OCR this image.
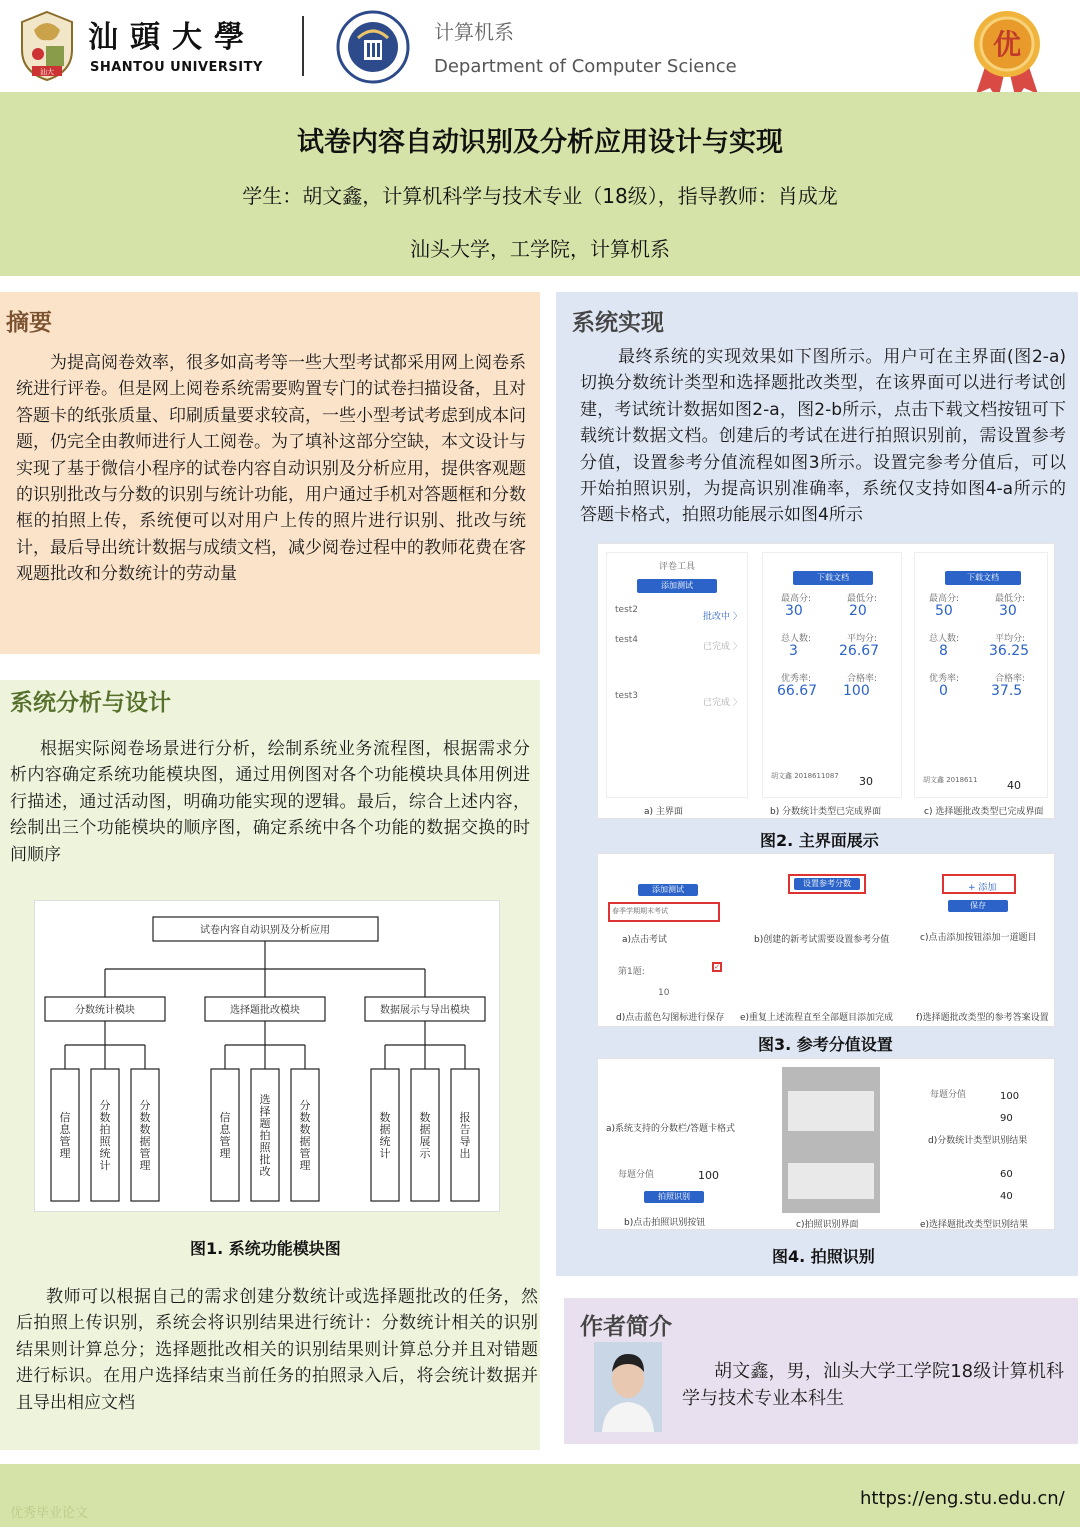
汕大
汕頭大學
SHANTOU UNIVERSITY
计算机系
Department of Computer Science
优
试卷内容自动识别及分析应用设计与实现
学生：胡文鑫，计算机科学与技术专业（18级），指导教师：肖成龙
汕头大学，工学院，计算机系
摘要
为提高阅卷效率，很多如高考等一些大型考试都采用网上阅卷系统进行评卷。但是网上阅卷系统需要购置专门的试卷扫描设备，且对答题卡的纸张质量、印刷质量要求较高，一些小型考试考虑到成本问题，仍完全由教师进行人工阅卷。为了填补这部分空缺，本文设计与实现了基于微信小程序的试卷内容自动识别及分析应用，提供客观题的识别批改与分数的识别与统计功能，用户通过手机对答题框和分数框的拍照上传，系统便可以对用户上传的照片进行识别、批改与统计，最后导出统计数据与成绩文档，减少阅卷过程中的教师花费在客观题批改和分数统计的劳动量
系统分析与设计
根据实际阅卷场景进行分析，绘制系统业务流程图，根据需求分析内容确定系统功能模块图，通过用例图对各个功能模块具体用例进行描述，通过活动图，明确功能实现的逻辑。最后，综合上述内容，绘制出三个功能模块的顺序图，确定系统中各个功能的数据交换的时间顺序
试卷内容自动识别及分析应用
分数统计模块	选择题批改模块	数据展示与导出模块
信
息
管
理
分
数
拍
照
统
计
分
数
数
据
管
理
信
息
管
理
选
择
题
拍
照
批
改
分
数
数
据
管
理
数
据
统
计
数
据
展
示
报
告
导
出
图1. 系统功能模块图
教师可以根据自己的需求创建分数统计或选择题批改的任务，然后拍照上传识别，系统会将识别结果进行统计：分数统计相关的识别结果则计算总分；选择题批改相关的识别结果则计算总分并且对错题进行标识。在用户选择结束当前任务的拍照录入后，将会统计数据并且导出相应文档
系统实现
最终系统的实现效果如下图所示。用户可在主界面(图2-a)切换分数统计类型和选择题批改类型，在该界面可以进行考试创建，考试统计数据如图2-a，图2-b所示，点击下载文档按钮可下载统计数据文档。创建后的考试在进行拍照识别前，需设置参考分值，设置参考分值流程如图3所示。设置完参考分值后，可以开始拍照识别，为提高识别准确率，系统仅支持如图4-a所示的答题卡格式，拍照功能展示如图4所示
评卷工具
添加测试
test2
批改中 〉
test4
已完成 〉
test3
已完成 〉
a) 主界面
下载文档
最高分:	最低分:
30	20
总人数:	平均分:
3	26.67
优秀率:	合格率:
66.67 100
胡文鑫 2018611087 30
b) 分数统计类型已完成界面
下载文档
最高分:	最低分:
50	30
总人数:	平均分:
8	36.25
优秀率:	合格率:
0	37.5
胡文鑫 2018611	40
c) 选择题批改类型已完成界面
图2. 主界面展示
添加测试
春季学期期末考试
a)点击考试
设置参考分数
b)创建的新考试需要设置参考分值
+ 添加
保存
c)点击添加按钮添加一道题目
第1题:	✓
10
d)点击蓝色勾图标进行保存 e)重复上述流程直至全部题目添加完成	f)选择题批改类型的参考答案设置
图3. 参考分值设置
a)系统支持的分数栏/答题卡格式
每题分值	100
拍照识别
b)点击拍照识别按钮	c)拍照识别界面
每题分值	100
90
d)分数统计类型识别结果
60
40
e)选择题批改类型识别结果
图4. 拍照识别
作者简介
胡文鑫，男，汕头大学工学院18级计算机科学与技术专业本科生
https://eng.stu.edu.cn/
优秀毕业论文
